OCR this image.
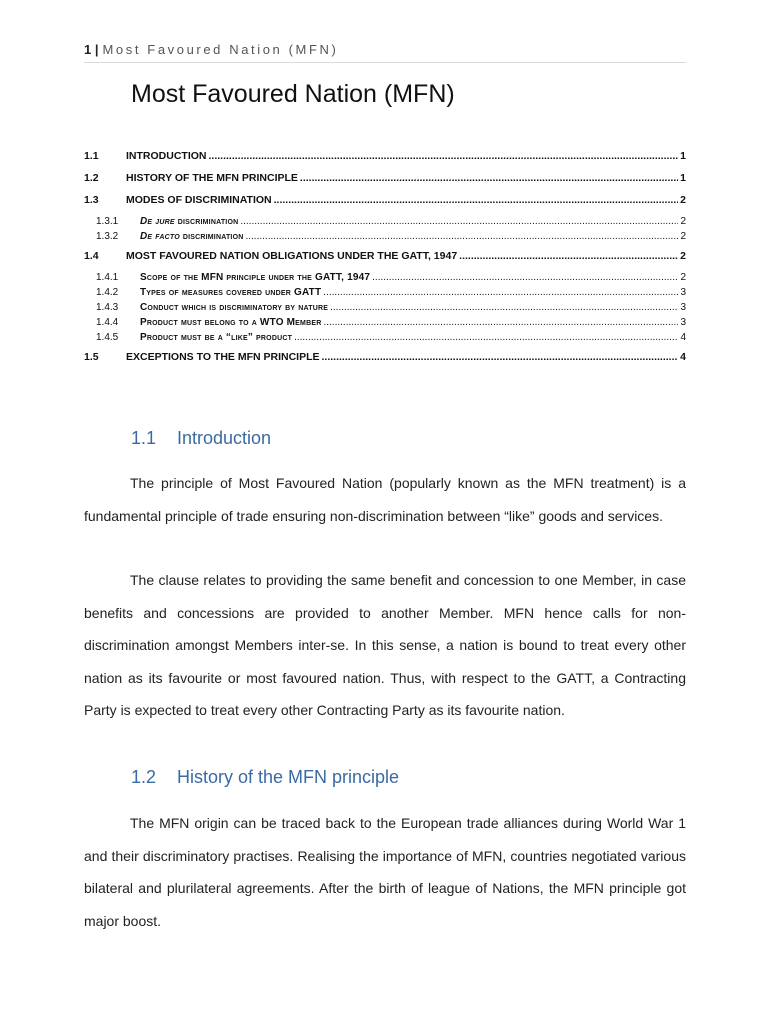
1 | Most Favoured Nation (MFN)
Most Favoured Nation (MFN)
1.1	INTRODUCTION .....	1
1.2	HISTORY OF THE MFN PRINCIPLE .....	1
1.3	MODES OF DISCRIMINATION .....	2
1.3.1	De jure discrimination .....	2
1.3.2	De facto discrimination .....	2
1.4	MOST FAVOURED NATION OBLIGATIONS UNDER THE GATT, 1947 .....	2
1.4.1	Scope of the MFN principle under the GATT, 1947 .....	2
1.4.2	Types of measures covered under GATT .....	3
1.4.3	Conduct which is discriminatory by nature .....	3
1.4.4	Product must belong to a WTO Member .....	3
1.4.5	Product must be a “like” product .....	4
1.5	EXCEPTIONS TO THE MFN PRINCIPLE .....	4
1.1 Introduction

The principle of Most Favoured Nation (popularly known as the MFN treatment) is a fundamental principle of trade ensuring non-discrimination between “like” goods and services.

The clause relates to providing the same benefit and concession to one Member, in case benefits and concessions are provided to another Member. MFN hence calls for non-discrimination amongst Members inter-se. In this sense, a nation is bound to treat every other nation as its favourite or most favoured nation. Thus, with respect to the GATT, a Contracting Party is expected to treat every other Contracting Party as its favourite nation.

1.2 History of the MFN principle

The MFN origin can be traced back to the European trade alliances during World War 1 and their discriminatory practises. Realising the importance of MFN, countries negotiated various bilateral and plurilateral agreements. After the birth of league of Nations, the MFN principle got major boost.
